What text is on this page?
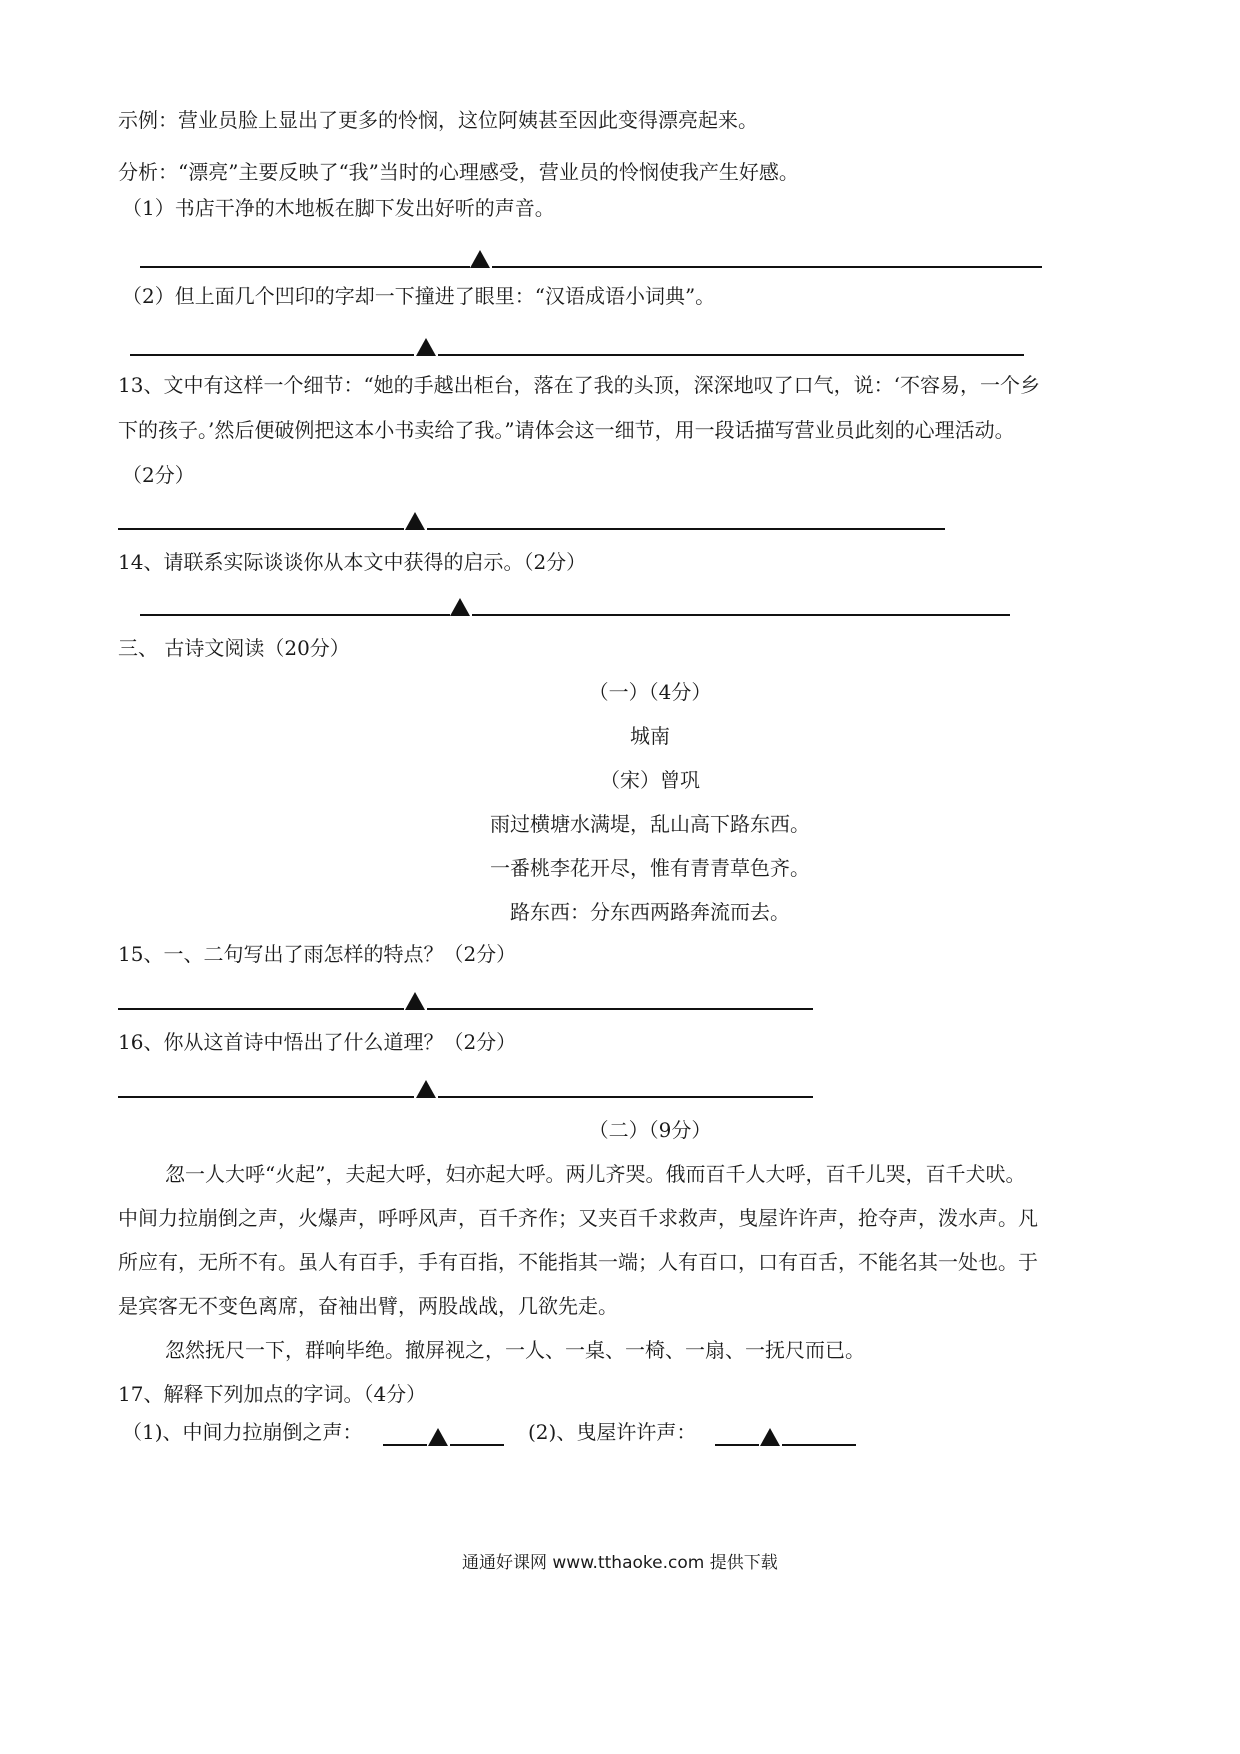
示例：营业员脸上显出了更多的怜悯，这位阿姨甚至因此变得漂亮起来。
分析：“漂亮”主要反映了“我”当时的心理感受，营业员的怜悯使我产生好感。
（1）书店干净的木地板在脚下发出好听的声音。
（2）但上面几个凹印的字却一下撞进了眼里：“汉语成语小词典”。
13、文中有这样一个细节：“她的手越出柜台，落在了我的头顶，深深地叹了口气，说：‘不容易，一个乡
下的孩子。’然后便破例把这本小书卖给了我。”请体会这一细节，用一段话描写营业员此刻的心理活动。
（2分）
14、请联系实际谈谈你从本文中获得的启示。（2分）
三、 古诗文阅读（20分）
（一）（4分）
城南
（宋）曾巩
雨过横塘水满堤，乱山高下路东西。
一番桃李花开尽，惟有青青草色齐。
路东西：分东西两路奔流而去。
15、一、二句写出了雨怎样的特点？（2分）
16、你从这首诗中悟出了什么道理？（2分）
（二）（9分）
忽一人大呼“火起”，夫起大呼，妇亦起大呼。两儿齐哭。俄而百千人大呼，百千儿哭，百千犬吠。
中间力拉崩倒之声，火爆声，呼呼风声，百千齐作；又夹百千求救声，曳屋许许声，抢夺声，泼水声。凡
所应有，无所不有。虽人有百手，手有百指，不能指其一端；人有百口，口有百舌，不能名其一处也。于
是宾客无不变色离席，奋袖出臂，两股战战，几欲先走。
忽然抚尺一下，群响毕绝。撤屏视之，一人、一桌、一椅、一扇、一抚尺而已。
17、解释下列加点的字词。（4分）
（1)、中间力拉崩倒之声：	(2)、曳屋许许声：
通通好课网 www.tthaoke.com 提供下载
